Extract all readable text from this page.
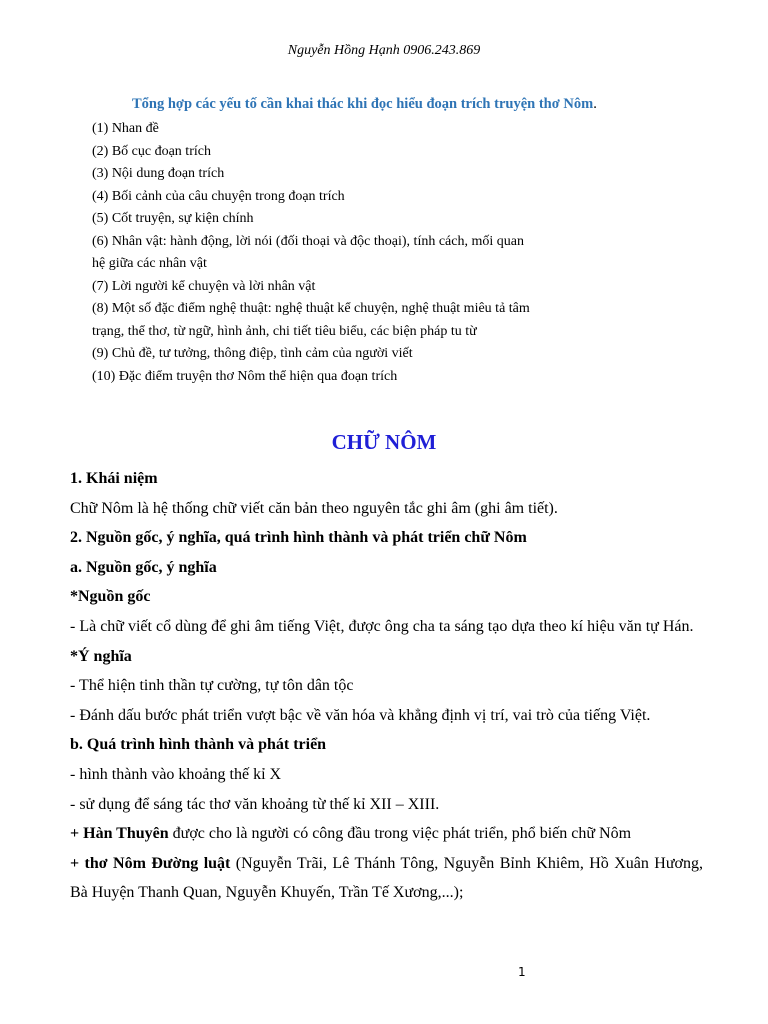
Nguyễn Hồng Hạnh 0906.243.869
Tổng hợp các yếu tố cần khai thác khi đọc hiểu đoạn trích truyện thơ Nôm.
(1) Nhan đề
(2) Bố cục đoạn trích
(3) Nội dung đoạn trích
(4) Bối cảnh của câu chuyện trong đoạn trích
(5) Cốt truyện, sự kiện chính
(6) Nhân vật: hành động, lời nói (đối thoại và độc thoại), tính cách, mối quan
hệ giữa các nhân vật
(7) Lời người kể chuyện và lời nhân vật
(8) Một số đặc điểm nghệ thuật: nghệ thuật kể chuyện, nghệ thuật miêu tả tâm
trạng, thể thơ, từ ngữ, hình ảnh, chi tiết tiêu biểu, các biện pháp tu từ
(9) Chủ đề, tư tưởng, thông điệp, tình cảm của người viết
(10) Đặc điểm truyện thơ Nôm thể hiện qua đoạn trích
CHỮ NÔM

1. Khái niệm

Chữ Nôm là hệ thống chữ viết căn bản theo nguyên tắc ghi âm (ghi âm tiết).

2. Nguồn gốc, ý nghĩa, quá trình hình thành và phát triển chữ Nôm

a. Nguồn gốc, ý nghĩa

*Nguồn gốc

- Là chữ viết cổ dùng để ghi âm tiếng Việt, được ông cha ta sáng tạo dựa theo kí hiệu văn tự Hán.

*Ý nghĩa

- Thể hiện tinh thần tự cường, tự tôn dân tộc

- Đánh dấu bước phát triển vượt bậc về văn hóa và khẳng định vị trí, vai trò của tiếng Việt.

b. Quá trình hình thành và phát triển

- hình thành vào khoảng thế kỉ X

- sử dụng để sáng tác thơ văn khoảng từ thế kỉ XII – XIII.

+ Hàn Thuyên được cho là người có công đầu trong việc phát triển, phổ biến chữ Nôm

+ thơ Nôm Đường luật (Nguyễn Trãi, Lê Thánh Tông, Nguyễn Bỉnh Khiêm, Hồ Xuân Hương, Bà Huyện Thanh Quan, Nguyễn Khuyến, Trần Tế Xương,...);

1
